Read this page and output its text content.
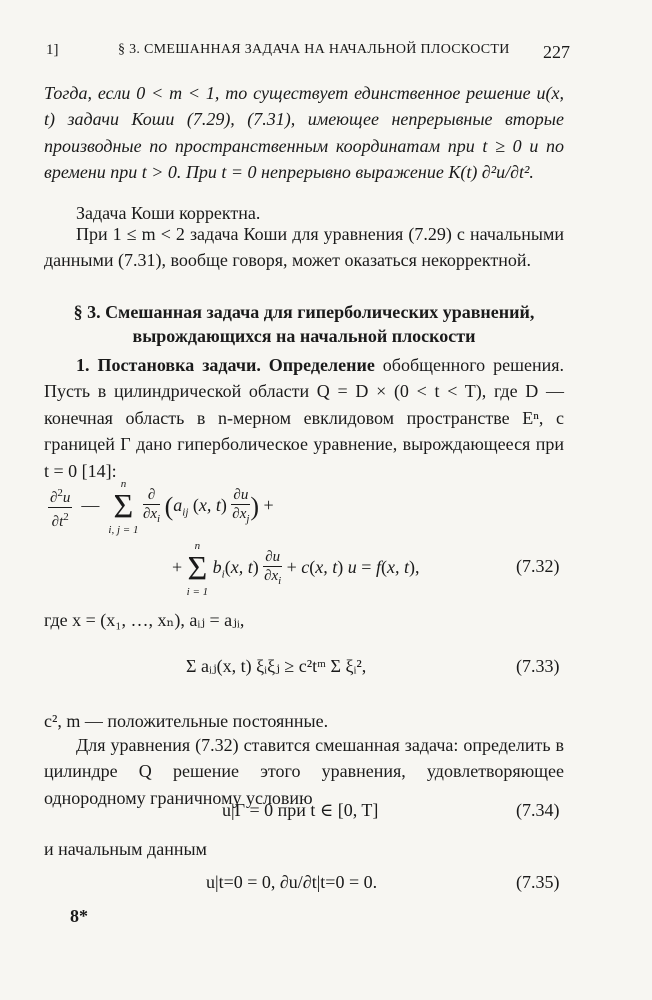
1]	§ 3. СМЕШАННАЯ ЗАДАЧА НА НАЧАЛЬНОЙ ПЛОСКОСТИ 227
Тогда, если 0 < m < 1, то существует единственное решение u(x, t) задачи Коши (7.29), (7.31), имеющее непрерывные вторые производные по пространственным координатам при t ≥ 0 и по времени при t > 0. При t = 0 непрерывно выражение K(t) ∂²u/∂t².
Задача Коши корректна.
При 1 ≤ m < 2 задача Коши для уравнения (7.29) с начальными данными (7.31), вообще говоря, может оказаться некорректной.
§ 3. Смешанная задача для гиперболических уравнений, вырождающихся на начальной плоскости
1. Постановка задачи. Определение обобщенного решения. Пусть в цилиндрической области Q = D × (0 < t < T), где D — конечная область в n-мерном евклидовом пространстве Eⁿ, с границей Γ дано гиперболическое уравнение, вырождающееся при t = 0 [14]:
$\frac{\partial^2u}{\partial t^2}$ —
n
Σ
i, j = 1

$\frac{\partial}{\partial x_i} (a_{ij}$ (x, $t) \frac{\partial u}{\partial x_j}$ ) +
+
n
Σ
i = 1
$b_i(x$, $t) \frac{\partial u}{\partial x_i} + c(x$, t) u = f(x, t),	(7.32)
где x = (x₁, …, xₙ), aᵢⱼ = aⱼᵢ,
Σ aᵢⱼ(x, t) ξᵢξⱼ ≥ c²tᵐ Σ ξᵢ²,	(7.33)
c², m — положительные постоянные.
Для уравнения (7.32) ставится смешанная задача: определить в цилиндре Q решение этого уравнения, удовлетворяющее однородному граничному условию
u|Γ = 0 при t ∈ [0, T]	(7.34)
и начальным данным
u|t=0 = 0, ∂u/∂t|t=0 = 0.	(7.35)
8*
